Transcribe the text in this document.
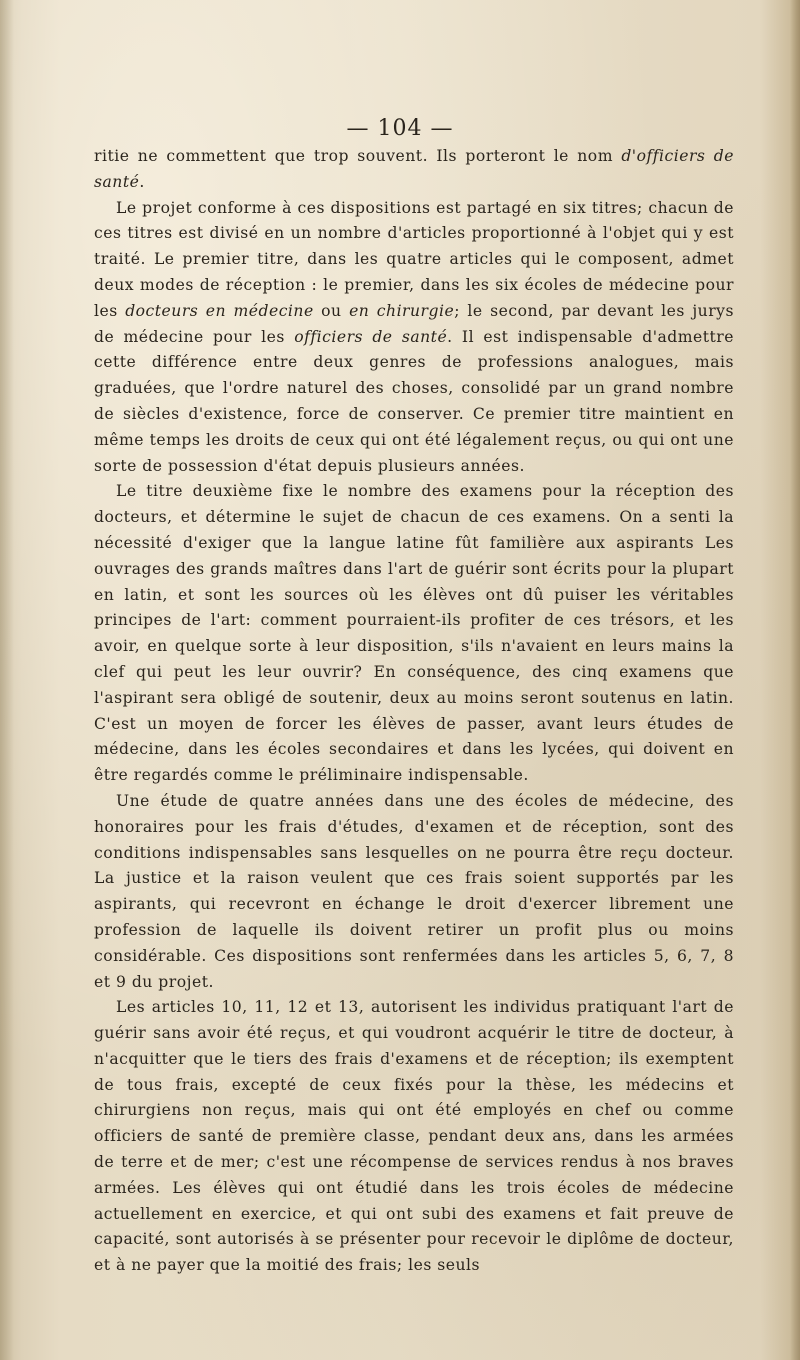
— 104 —

ritie ne commettent que trop souvent. Ils porteront le nom d'officiers de santé.

Le projet conforme à ces dispositions est partagé en six titres; chacun de ces titres est divisé en un nombre d'articles proportionné à l'objet qui y est traité. Le premier titre, dans les quatre articles qui le composent, admet deux modes de réception : le premier, dans les six écoles de médecine pour les docteurs en médecine ou en chirurgie; le second, par devant les jurys de médecine pour les officiers de santé. Il est indispensable d'admettre cette différence entre deux genres de professions analogues, mais graduées, que l'ordre naturel des choses, consolidé par un grand nombre de siècles d'existence, force de conserver. Ce premier titre maintient en même temps les droits de ceux qui ont été légalement reçus, ou qui ont une sorte de possession d'état depuis plusieurs années.

Le titre deuxième fixe le nombre des examens pour la réception des docteurs, et détermine le sujet de chacun de ces examens. On a senti la nécessité d'exiger que la langue latine fût familière aux aspirants Les ouvrages des grands maîtres dans l'art de guérir sont écrits pour la plupart en latin, et sont les sources où les élèves ont dû puiser les véritables principes de l'art: comment pourraient-ils profiter de ces trésors, et les avoir, en quelque sorte à leur disposition, s'ils n'avaient en leurs mains la clef qui peut les leur ouvrir? En conséquence, des cinq examens que l'aspirant sera obligé de soutenir, deux au moins seront soutenus en latin. C'est un moyen de forcer les élèves de passer, avant leurs études de médecine, dans les écoles secondaires et dans les lycées, qui doivent en être regardés comme le préliminaire indispensable.

Une étude de quatre années dans une des écoles de médecine, des honoraires pour les frais d'études, d'examen et de réception, sont des conditions indispensables sans lesquelles on ne pourra être reçu docteur. La justice et la raison veulent que ces frais soient supportés par les aspirants, qui recevront en échange le droit d'exercer librement une profession de laquelle ils doivent retirer un profit plus ou moins considérable. Ces dispositions sont renfermées dans les articles 5, 6, 7, 8 et 9 du projet.

Les articles 10, 11, 12 et 13, autorisent les individus pratiquant l'art de guérir sans avoir été reçus, et qui voudront acquérir le titre de docteur, à n'acquitter que le tiers des frais d'examens et de réception; ils exemptent de tous frais, excepté de ceux fixés pour la thèse, les médecins et chirurgiens non reçus, mais qui ont été employés en chef ou comme officiers de santé de première classe, pendant deux ans, dans les armées de terre et de mer; c'est une récompense de services rendus à nos braves armées. Les élèves qui ont étudié dans les trois écoles de médecine actuellement en exercice, et qui ont subi des examens et fait preuve de capacité, sont autorisés à se présenter pour recevoir le diplôme de docteur, et à ne payer que la moitié des frais; les seuls
